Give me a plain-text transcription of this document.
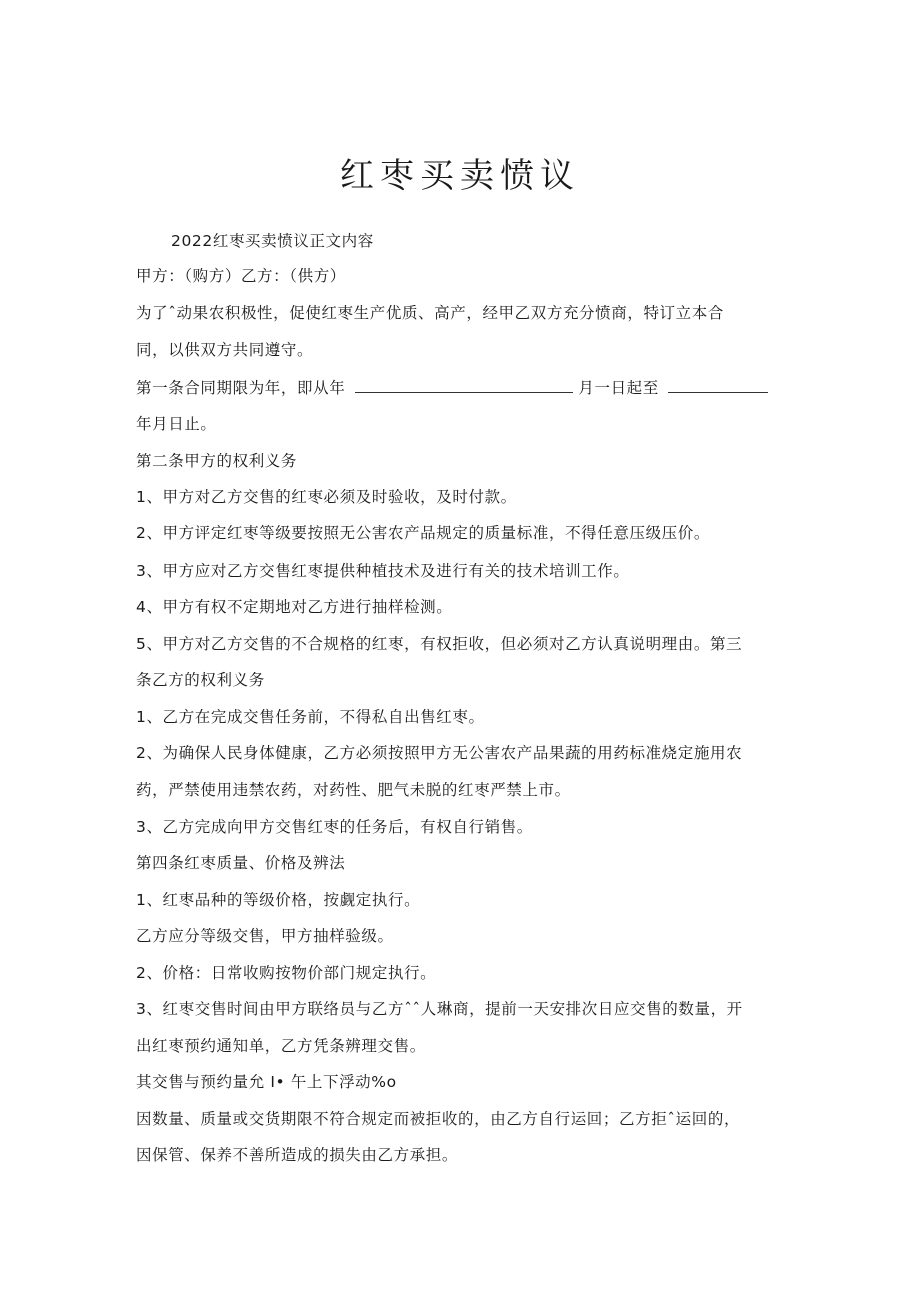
红枣买卖愤议
2022红枣买卖愤议正文内容
甲方：（购方）乙方：（供方）
为了ˆ动果农积极性，促使红枣生产优质、高产，经甲乙双方充分愤商，特订立本合
同，以供双方共同遵守。
第一条合同期限为年，即从年	月一日起至
年月日止。
第二条甲方的权利义务
1、甲方对乙方交售的红枣必须及时验收，及时付款。
2、甲方评定红枣等级要按照无公害农产品规定的质量标准，不得任意压级压价。
3、甲方应对乙方交售红枣提供种植技术及进行有关的技术培训工作。
4、甲方有权不定期地对乙方进行抽样检测。
5、甲方对乙方交售的不合规格的红枣，有权拒收，但必须对乙方认真说明理由。第三
条乙方的权利义务
1、乙方在完成交售任务前，不得私自出售红枣。
2、为确保人民身体健康，乙方必须按照甲方无公害农产品果蔬的用药标准烧定施用农
药，严禁使用违禁农药，对药性、肥气未脱的红枣严禁上市。
3、乙方完成向甲方交售红枣的任务后，有权自行销售。
第四条红枣质量、价格及辨法
1、红枣品种的等级价格，按觑定执行。
乙方应分等级交售，甲方抽样验级。
2、价格：日常收购按物价部门规定执行。
3、红枣交售时间由甲方联络员与乙方ˆˆ人琳商，提前一天安排次日应交售的数量，开
出红枣预约通知单，乙方凭条辨理交售。
其交售与预约量允 I• 午上下浮动%o
因数量、质量或交货期限不符合规定而被拒收的，由乙方自行运回；乙方拒ˆ运回的，
因保管、保养不善所造成的损失由乙方承担。
